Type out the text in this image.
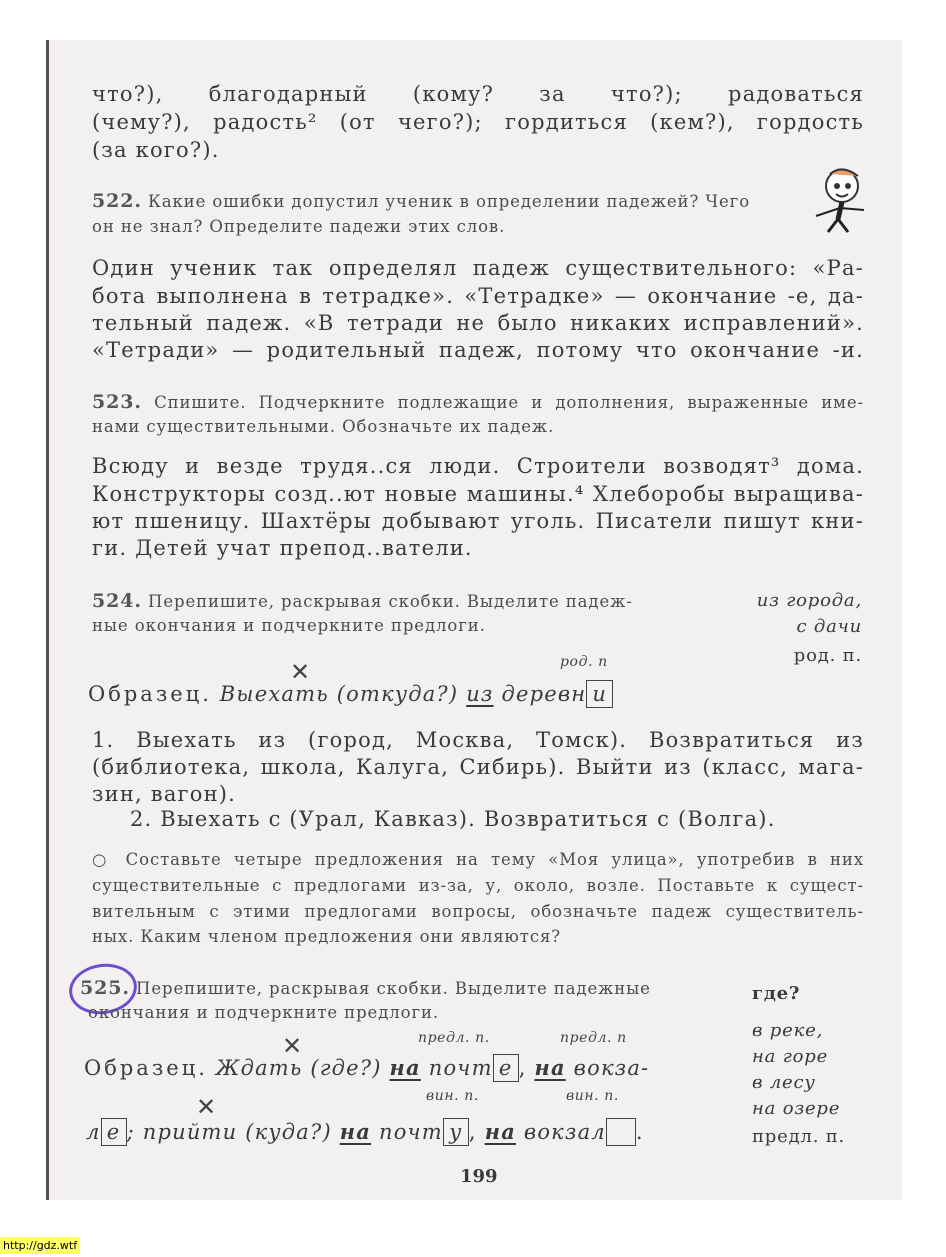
что?), благодарный (кому? за что?); радоваться
(чему?), радость² (от чего?); гордиться (кем?), гордость
(за кого?).
522. Какие ошибки допустил ученик в определении падежей? Чего
он не знал? Определите падежи этих слов.
Один ученик так определял падеж существительного: «Ра-
бота выполнена в тетрадке». «Тетрадке» — окончание -е, да-
тельный падеж. «В тетради не было никаких исправлений».
«Тетради» — родительный падеж, потому что окончание -и.
523. Спишите. Подчеркните подлежащие и дополнения, выраженные име-
нами существительными. Обозначьте их падеж.
Всюду и везде трудя..ся люди. Строители возводят³ дома.
Конструкторы созд..ют новые машины.⁴ Хлеборобы выращива-
ют пшеницу. Шахтёры добывают уголь. Писатели пишут кни-
ги. Детей учат препод..ватели.
524. Перепишите, раскрывая скобки. Выделите падеж-
ные окончания и подчеркните предлоги.
из города,
с дачи
род. п.
✕	род. п
Образец. Выехать (откуда?) из деревн и
1. Выехать из (город, Москва, Томск). Возвратиться из
(библиотека, школа, Калуга, Сибирь). Выйти из (класс, мага-
зин, вагон).
2. Выехать с (Урал, Кавказ). Возвратиться с (Волга).
○ Составьте четыре предложения на тему «Моя улица», употребив в них
существительные с предлогами из-за, у, около, возле. Поставьте к сущест-
вительным с этими предлогами вопросы, обозначьте падеж существитель-
ных. Каким членом предложения они являются?
525. Перепишите, раскрывая скобки. Выделите падежные
окончания и подчеркните предлоги.
где?
в реке,
на горе
в лесу
на озере
предл. п.
✕	предл. п.	предл. п
Образец. Ждать (где?) на почт е , на вокза-
вин. п.	вин. п.
✕
л е ; прийти (куда?) на почт у , на вокзал .
199
http://gdz.wtf
